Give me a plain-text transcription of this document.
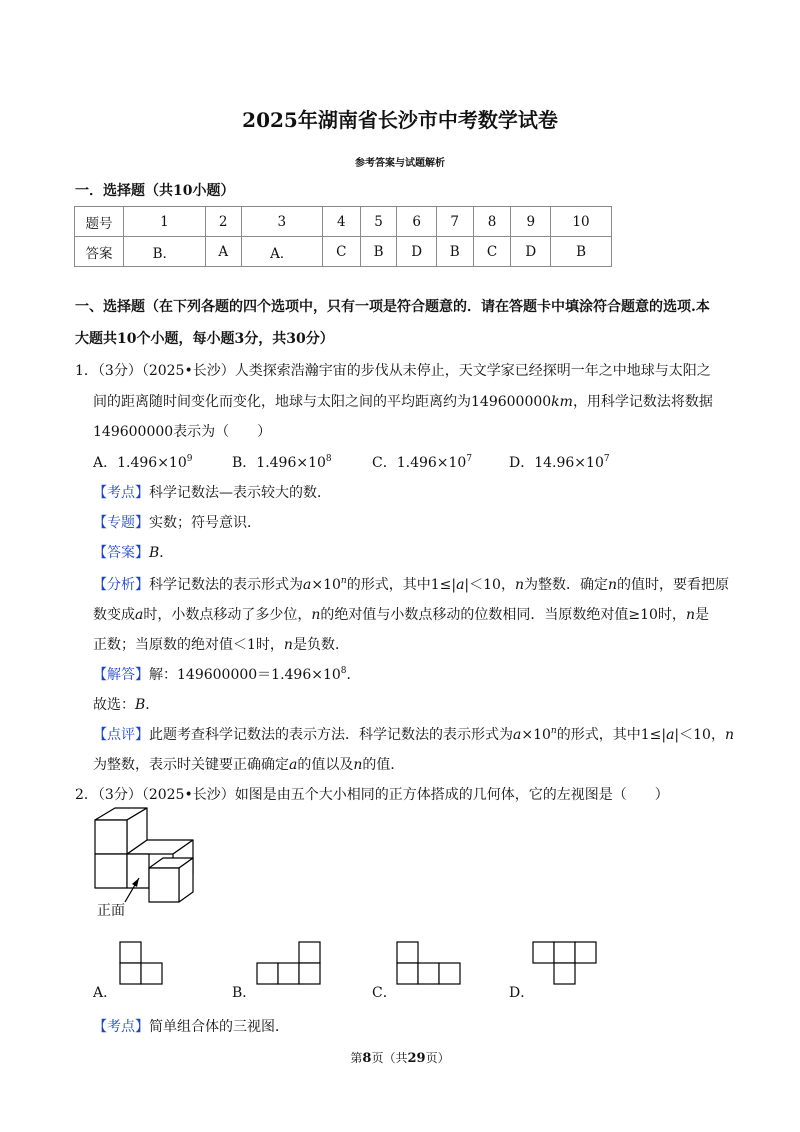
2025年湖南省长沙市中考数学试卷
参考答案与试题解析
一．选择题（共10小题）
题号	1	2	3	4	5	6	7	8	9	10
答案	B．	A	A．	C	B	D	B	C	D	B
一、选择题（在下列各题的四个选项中，只有一项是符合题意的．请在答题卡中填涂符合题意的选项.本
大题共10个小题，每小题3分，共30分）
1．（3分）（2025•长沙）人类探索浩瀚宇宙的步伐从未停止，天文学家已经探明一年之中地球与太阳之
间的距离随时间变化而变化，地球与太阳之间的平均距离约为149600000km，用科学记数法将数据
149600000表示为（　　）
A．$1.496\times 10^9$	B．$1.496\times 10^8$	C．$1.496\times 10^7$	D．$14.96\times 10^7$
【考点】科学记数法—表示较大的数．
【专题】实数；符号意识．
【答案】B．
【分析】科学记数法的表示形式为$a\times 10^n$的形式，其中1≤|a|＜10，n为整数．确定n的值时，要看把原
数变成a时，小数点移动了多少位，n的绝对值与小数点移动的位数相同．当原数绝对值≥10时，n是
正数；当原数的绝对值＜1时，n是负数．
【解答】解：$149600000=1.496\times 10^8$．
故选：B．
【点评】此题考查科学记数法的表示方法．科学记数法的表示形式为$a\times 10^n$的形式，其中1≤|a|＜10，n
为整数，表示时关键要正确确定a的值以及n的值．
2．（3分）（2025•长沙）如图是由五个大小相同的正方体搭成的几何体，它的左视图是（　　）
正面
A．	B．	C．	D．
【考点】简单组合体的三视图．
第8页（共29页）
